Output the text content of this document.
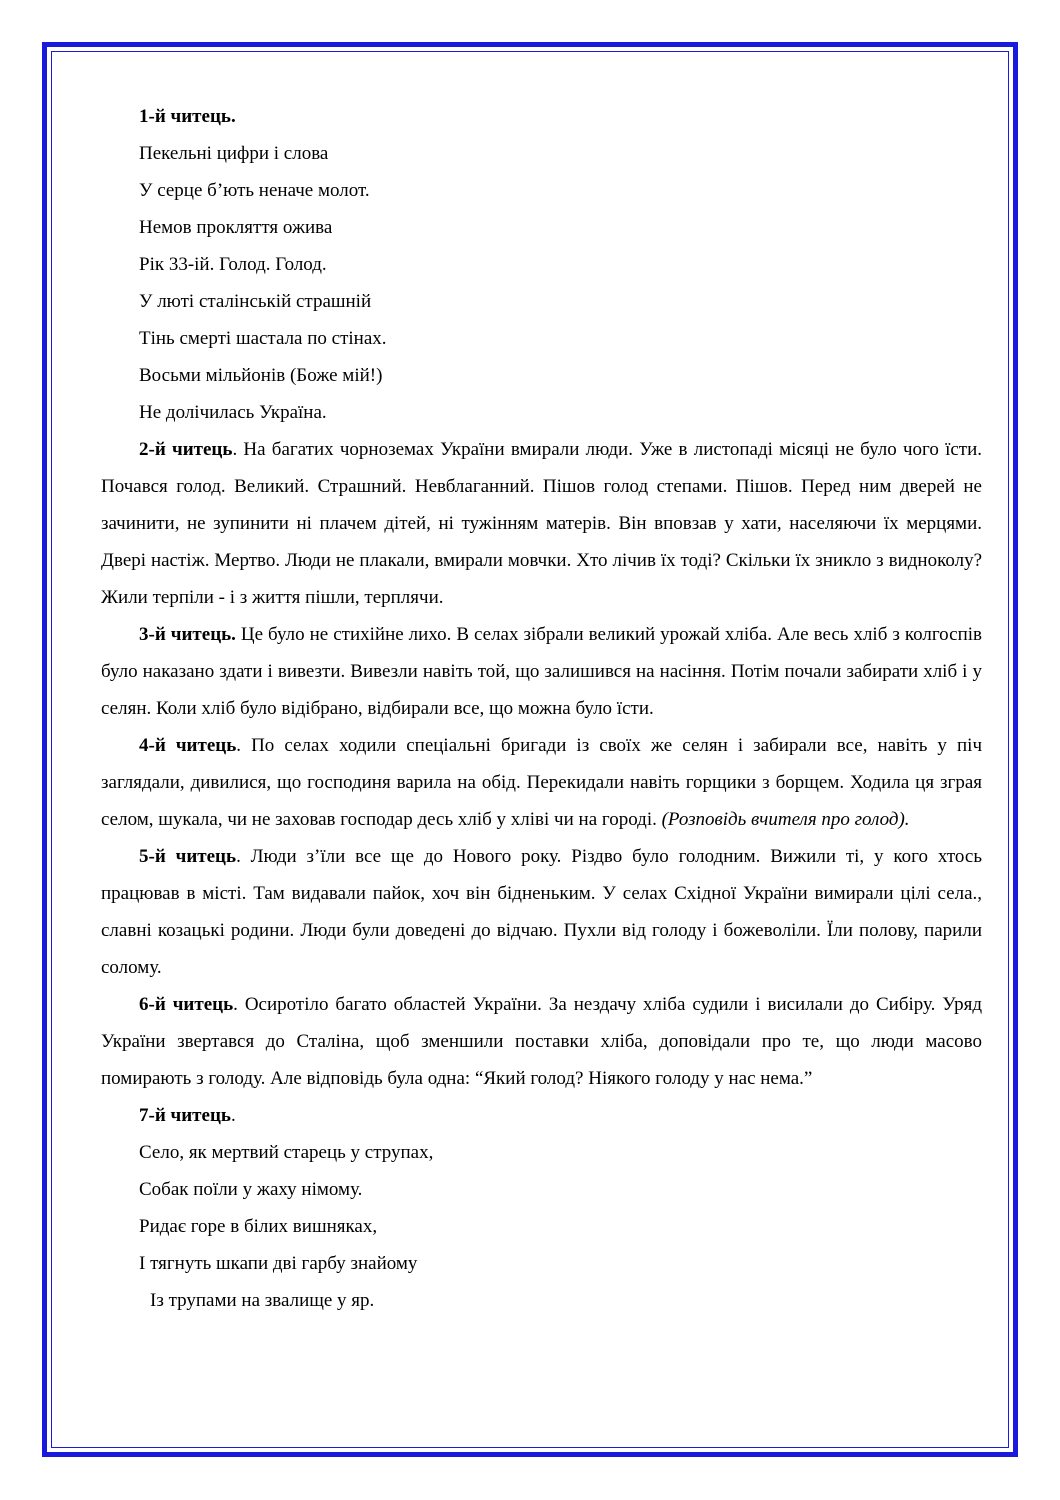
1-й читець.
Пекельні цифри і слова
У серце б’ють неначе молот.
Немов прокляття ожива
Рік 33-ій. Голод. Голод.
У люті сталінській страшній
Тінь смерті шастала по стінах.
Восьми мільйонів (Боже мій!)
Не долічилась Україна.

2-й читець. На багатих чорноземах України вмирали люди. Уже в листопаді місяці не було чого їсти. Почався голод. Великий. Страшний. Невблаганний. Пішов голод степами. Пішов. Перед ним дверей не зачинити, не зупинити ні плачем дітей, ні тужінням матерів. Він вповзав у хати, населяючи їх мерцями. Двері настіж. Мертво. Люди не плакали, вмирали мовчки. Хто лічив їх тоді? Скільки їх зникло з видноколу? Жили терпіли - і з життя пішли, терплячи.

3-й читець. Це було не стихійне лихо. В селах зібрали великий урожай хліба. Але весь хліб з колгоспів було наказано здати і вивезти. Вивезли навіть той, що залишився на насіння. Потім почали забирати хліб і у селян. Коли хліб було відібрано, відбирали все, що можна було їсти.

4-й читець. По селах ходили спеціальні бригади із своїх же селян і забирали все, навіть у піч заглядали, дивилися, що господиня варила на обід. Перекидали навіть горщики з борщем. Ходила ця зграя селом, шукала, чи не заховав господар десь хліб у хліві чи на городі. (Розповідь вчителя про голод).

5-й читець. Люди з’їли все ще до Нового року. Різдво було голодним. Вижили ті, у кого хтось працював в місті. Там видавали пайок, хоч він бідненьким. У селах Східної України вимирали цілі села., славні козацькі родини. Люди були доведені до відчаю. Пухли від голоду і божеволіли. Їли полову, парили солому.

6-й читець. Осиротіло багато областей України. За нездачу хліба судили і висилали до Сибіру. Уряд України звертався до Сталіна, щоб зменшили поставки хліба, доповідали про те, що люди масово помирають з голоду. Але відповідь була одна: “Який голод? Ніякого голоду у нас нема.”

7-й читець.
Село, як мертвий старець у струпах,
Собак поїли у жаху німому.
Ридає горе в білих вишняках,
І тягнуть шкапи дві гарбу знайому
Із трупами на звалище у яр.
